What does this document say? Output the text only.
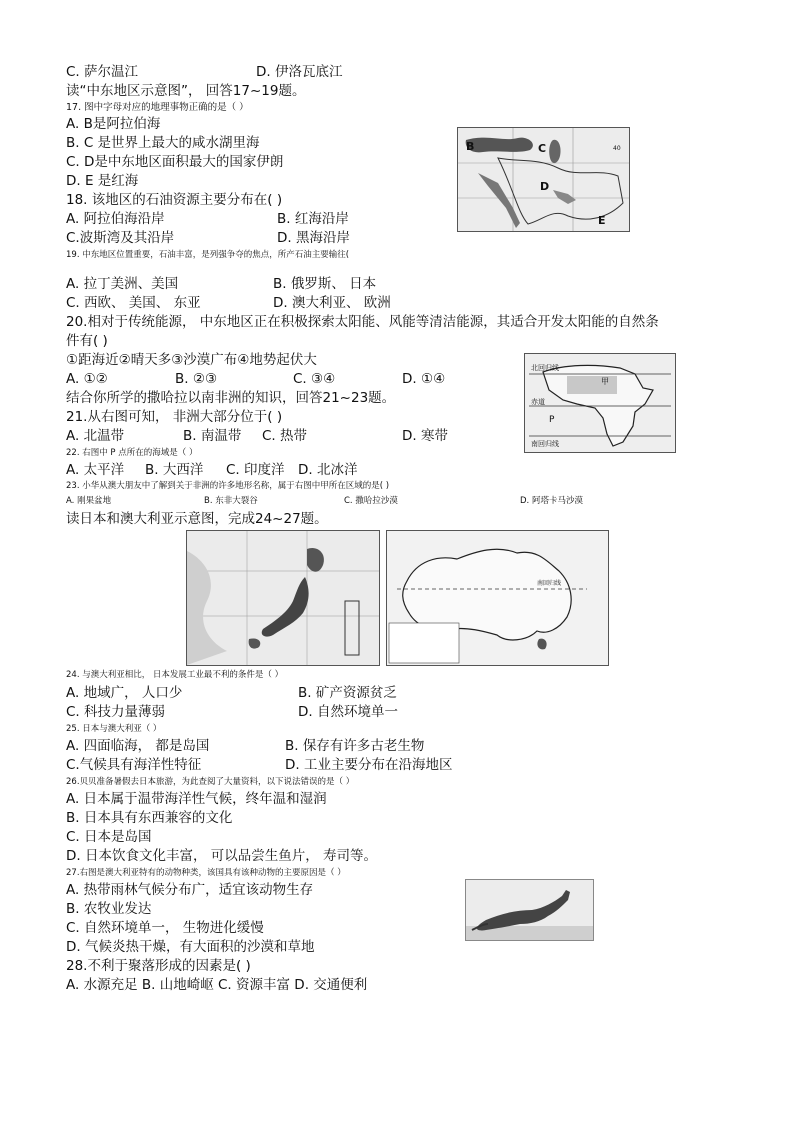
C. 萨尔温江	D. 伊洛瓦底江
读“中东地区示意图”， 回答17~19题。
17. 图中字母对应的地理事物正确的是（ ）
A. B是阿拉伯海
B. C 是世界上最大的咸水湖里海
C. D是中东地区面积最大的国家伊朗
D. E 是红海
B	C
D
E
40
18. 该地区的石油资源主要分布在( )
A. 阿拉伯海沿岸	B. 红海沿岸
C.波斯湾及其沿岸	D. 黑海沿岸
19. 中东地区位置重要，石油丰富，是列强争夺的焦点，所产石油主要输往(
A. 拉丁美洲、美国	B. 俄罗斯、 日本
C. 西欧、 美国、 东亚	D. 澳大利亚、 欧洲
20.相对于传统能源， 中东地区正在积极探索太阳能、风能等清洁能源，其适合开发太阳能的自然条
件有( )
①距海近②晴天多③沙漠广布④地势起伏大
A. ①②	B. ②③	C. ③④	D. ①④
北回归线
甲
赤道
P
南回归线
结合你所学的撒哈拉以南非洲的知识，回答21~23题。
21.从右图可知， 非洲大部分位于( )
A. 北温带	B. 南温带 C. 热带	D. 寒带
22. 右图中 P 点所在的海域是（ ）
A. 太平洋 B. 大西洋 C. 印度洋 D. 北冰洋
23. 小华从澳大朋友中了解到关于非洲的许多地形名称，属于右图中甲所在区域的是( )
A. 刚果盆地	B. 东非大裂谷	C. 撒哈拉沙漠	D. 阿塔卡马沙漠
读日本和澳大利亚示意图，完成24~27题。
南回归线
24. 与澳大利亚相比， 日本发展工业最不利的条件是（ ）
A. 地域广， 人口少	B. 矿产资源贫乏
C. 科技力量薄弱	D. 自然环境单一
25. 日本与澳大利亚（ ）
A. 四面临海， 都是岛国	B. 保存有许多古老生物
C.气候具有海洋性特征	D. 工业主要分布在沿海地区
26.贝贝准备暑假去日本旅游，为此查阅了大量资料，以下说法错误的是（ ）
A. 日本属于温带海洋性气候，终年温和湿润
B. 日本具有东西兼容的文化
C. 日本是岛国
D. 日本饮食文化丰富， 可以品尝生鱼片， 寿司等。
27.右图是澳大利亚特有的动物种类，该国具有该种动物的主要原因是（ ）
A. 热带雨林气候分布广，适宜该动物生存
B. 农牧业发达
C. 自然环境单一， 生物进化缓慢
D. 气候炎热干燥，有大面积的沙漠和草地
28.不利于聚落形成的因素是( )
A. 水源充足 B. 山地崎岖 C. 资源丰富 D. 交通便利
